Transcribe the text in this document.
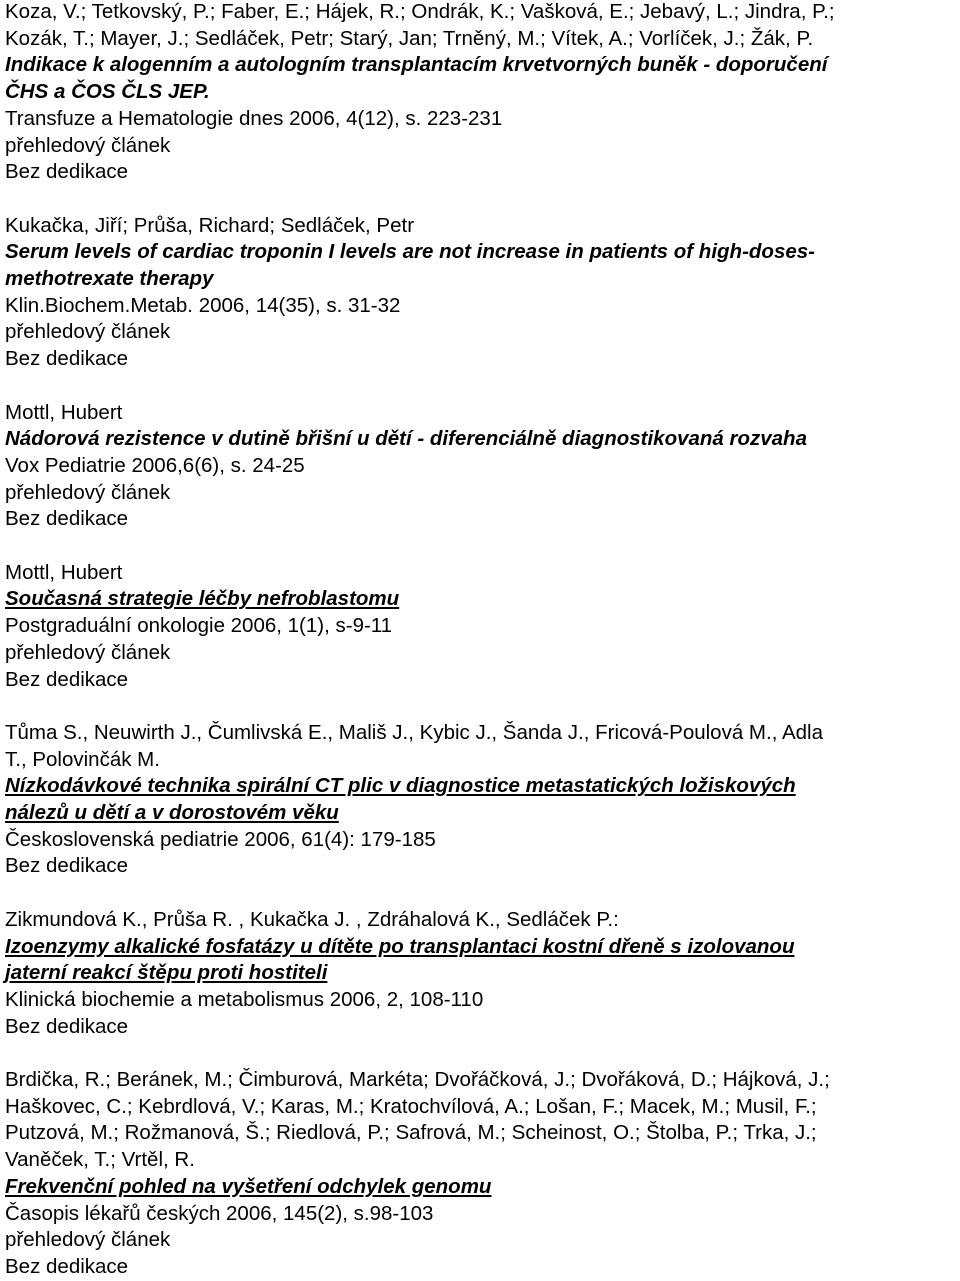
Koza, V.; Tetkovský, P.; Faber, E.; Hájek, R.; Ondrák, K.; Vašková, E.; Jebavý, L.; Jindra, P.;
Kozák, T.; Mayer, J.; Sedláček, Petr; Starý, Jan; Trněný, M.; Vítek, A.; Vorlíček, J.; Žák, P.
Indikace k alogenním a autologním transplantacím krvetvorných buněk - doporučení
ČHS a ČOS ČLS JEP.
Transfuze a Hematologie dnes 2006, 4(12), s. 223-231
přehledový článek
Bez dedikace
Kukačka, Jiří; Průša, Richard; Sedláček, Petr
Serum levels of cardiac troponin I levels are not increase in patients of high-doses-
methotrexate therapy
Klin.Biochem.Metab. 2006, 14(35), s. 31-32
přehledový článek
Bez dedikace
Mottl, Hubert
Nádorová rezistence v dutině břišní u dětí - diferenciálně diagnostikovaná rozvaha
Vox Pediatrie 2006,6(6), s. 24-25
přehledový článek
Bez dedikace
Mottl, Hubert
Současná strategie léčby nefroblastomu
Postgraduální onkologie 2006, 1(1), s-9-11
přehledový článek
Bez dedikace
Tůma S., Neuwirth J., Čumlivská E., Mališ J., Kybic J., Šanda J., Fricová-Poulová M., Adla
T., Polovinčák M.
Nízkodávkové technika spirální CT plic v diagnostice metastatických ložiskových
nálezů u dětí a v dorostovém věku
Československá pediatrie 2006, 61(4): 179-185
Bez dedikace
Zikmundová K., Průša R. , Kukačka J. , Zdráhalová K., Sedláček P.:
Izoenzymy alkalické fosfatázy u dítěte po transplantaci kostní dřeně s izolovanou
jaterní reakcí štěpu proti hostiteli
Klinická biochemie a metabolismus 2006, 2, 108-110
Bez dedikace
Brdička, R.; Beránek, M.; Čimburová, Markéta; Dvořáčková, J.; Dvořáková, D.; Hájková, J.;
Haškovec, C.; Kebrdlová, V.; Karas, M.; Kratochvílová, A.; Lošan, F.; Macek, M.; Musil, F.;
Putzová, M.; Rožmanová, Š.; Riedlová, P.; Safrová, M.; Scheinost, O.; Štolba, P.; Trka, J.;
Vaněček, T.; Vrtěl, R.
Frekvenční pohled na vyšetření odchylek genomu
Časopis lékařů českých 2006, 145(2), s.98-103
přehledový článek
Bez dedikace
